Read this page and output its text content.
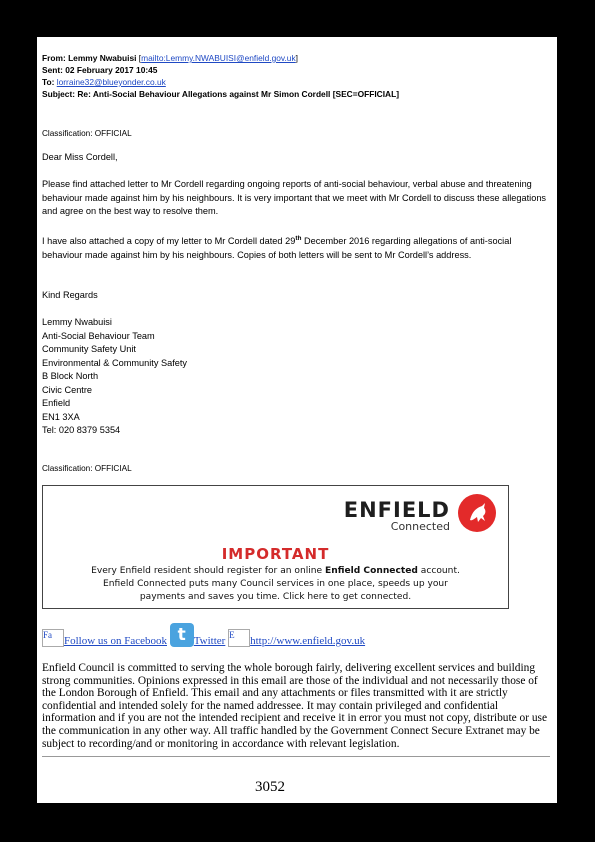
From: Lemmy Nwabuisi [mailto:Lemmy.NWABUISI@enfield.gov.uk]
Sent: 02 February 2017 10:45
To: lorraine32@blueyonder.co.uk
Subject: Re: Anti-Social Behaviour Allegations against Mr Simon Cordell [SEC=OFFICIAL]
Classification: OFFICIAL
Dear Miss Cordell,
Please find attached letter to Mr Cordell regarding ongoing reports of anti-social behaviour, verbal abuse and threatening behaviour made against him by his neighbours. It is very important that we meet with Mr Cordell to discuss these allegations and agree on the best way to resolve them.
I have also attached a copy of my letter to Mr Cordell dated 29th December 2016 regarding allegations of anti-social behaviour made against him by his neighbours. Copies of both letters will be sent to Mr Cordell’s address.
Kind Regards
Lemmy Nwabuisi
Anti-Social Behaviour Team
Community Safety Unit
Environmental & Community Safety
B Block North
Civic Centre
Enfield
EN1 3XA
Tel: 020 8379 5354
Classification: OFFICIAL
ENFIELD
Connected
IMPORTANT
Every Enfield resident should register for an online Enfield Connected account.
Enfield Connected puts many Council services in one place, speeds up your
payments and saves you time. Click here to get connected.
Fa Follow us on Facebook t Twitter E http://www.enfield.gov.uk
Enfield Council is committed to serving the whole borough fairly, delivering excellent services and building strong communities. Opinions expressed in this email are those of the individual and not necessarily those of the London Borough of Enfield. This email and any attachments or files transmitted with it are strictly confidential and intended solely for the named addressee. It may contain privileged and confidential information and if you are not the intended recipient and receive it in error you must not copy, distribute or use the communication in any other way. All traffic handled by the Government Connect Secure Extranet may be subject to recording/and or monitoring in accordance with relevant legislation.
3052
